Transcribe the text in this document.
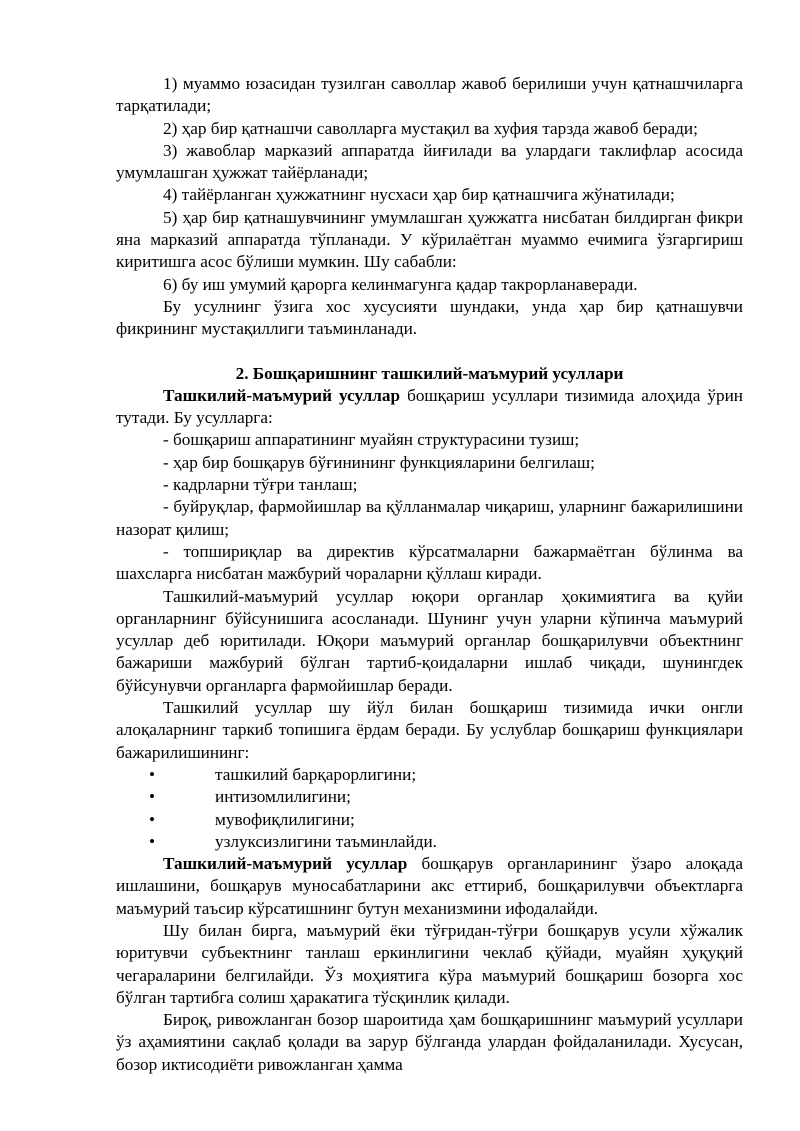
1) муаммо юзасидан тузилган саволлар жавоб берилиши учун қатнашчиларга тарқатилади;

2) ҳар бир қатнашчи саволларга мустақил ва хуфия тарзда жавоб беради;

3) жавоблар марказий аппаратда йиғилади ва улардаги таклифлар асосида умумлашган ҳужжат тайёрланади;

4) тайёрланган ҳужжатнинг нусхаси ҳар бир қатнашчига жўнатилади;

5) ҳар бир қатнашувчининг умумлашган ҳужжатга нисбатан билдирган фикри яна марказий аппаратда тўпланади. У кўрилаётган муаммо ечимига ўзгаргириш киритишга асос бўлиши мумкин. Шу сабабли:

6) бу иш умумий қарорга келинмагунга қадар такрорланаверади.

Бу усулнинг ўзига хос хусусияти шундаки, унда ҳар бир қатнашувчи фикрининг мустақиллиги таъминланади.

2. Бошқаришнинг ташкилий-маъмурий усуллари

Ташкилий-маъмурий усуллар бошқариш усуллари тизимида алоҳида ўрин тутади. Бу усулларга:

- бошқариш аппаратининг муайян структурасини тузиш;

- ҳар бир бошқарув бўғинининг функцияларини белгилаш;

- кадрларни тўғри танлаш;

- буйруқлар, фармойишлар ва қўлланмалар чиқариш, уларнинг бажарилишини назорат қилиш;

- топшириқлар ва директив кўрсатмаларни бажармаётган бўлинма ва шахсларга нисбатан мажбурий чораларни қўллаш киради.

Ташкилий-маъмурий усуллар юқори органлар ҳокимиятига ва қуйи органларнинг бўйсунишига асосланади. Шунинг учун уларни кўпинча маъмурий усуллар деб юритилади. Юқори маъмурий органлар бошқарилувчи объектнинг бажариши мажбурий бўлган тартиб-қоидаларни ишлаб чиқади, шунингдек бўйсунувчи органларга фармойишлар беради.

Ташкилий усуллар шу йўл билан бошқариш тизимида ички онгли алоқаларнинг таркиб топишига ёрдам беради. Бу услублар бошқариш функциялари бажарилишининг:

•	ташкилий барқарорлигини;
•	интизомлилигини;
•	мувофиқлилигини;
•	узлуксизлигини таъминлайди.

Ташкилий-маъмурий усуллар бошқарув органларининг ўзаро алоқада ишлашини, бошқарув муносабатларини акс еттириб, бошқарилувчи объектларга маъмурий таъсир кўрсатишнинг бутун механизмини ифодалайди.

Шу билан бирга, маъмурий ёки тўғридан-тўғри бошқарув усули хўжалик юритувчи субъектнинг танлаш еркинлигини чеклаб қўйади, муайян ҳуқуқий чегараларини белгилайди. Ўз моҳиятига кўра маъмурий бошқариш бозорга хос бўлган тартибга солиш ҳаракатига тўсқинлик қилади.

Бироқ, ривожланган бозор шароитида ҳам бошқаришнинг маъмурий усуллари ўз аҳамиятини сақлаб қолади ва зарур бўлганда улардан фойдаланилади. Хусусан, бозор иктисодиёти ривожланган ҳамма
